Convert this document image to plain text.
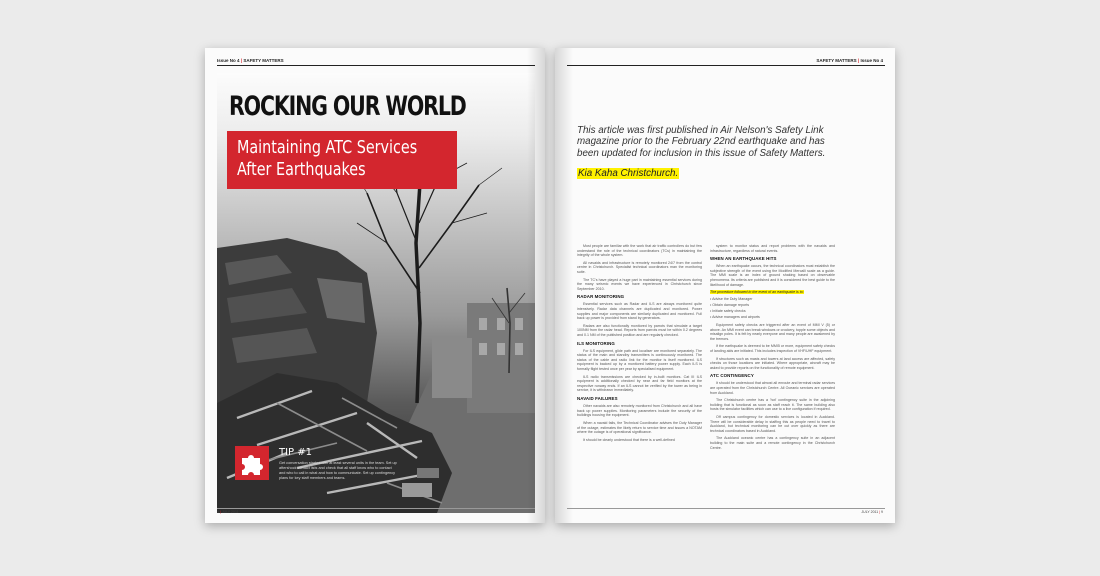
Issue No 4 | SAFETY MATTERS
ROCKING OUR WORLD
Maintaining ATC Services
After Earthquakes
TIP #1
Get conversation started with at least several units in the team. Set up aftershock contact lists and check that all staff know who to contact and who to call in what and how to communicate. Set up contingency plans for key staff members and teams.
8 | JULY 2011
SAFETY MATTERS | Issue No 4
This article was first published in Air Nelson's Safety Link magazine prior to the February 22nd earthquake and has been updated for inclusion in this issue of Safety Matters.
Kia Kaha Christchurch.

Most people are familiar with the work that air traffic controllers do but few understand the role of the technical coordinators (TCs) in maintaining the integrity of the whole system.

All navaids and infrastructure is remotely monitored 24/7 from the control centre in Christchurch. Specialist technical coordinators man the monitoring suite.

The TC's have played a huge part in maintaining essential services during the many seismic events we have experienced in Christchurch since September 2010.

RADAR MONITORING

Essential services such as Radar and ILS are always monitored quite intensively. Radar data channels are duplicated and monitored. Power supplies and major components are similarly duplicated and monitored. Full back up power is provided from stand by generators.

Radars are also functionally monitored by parrots that simulate a target 100NM from the radar head. Reports from parrots must be within 0.2 degrees and 0.1 NM of the published position and are regularly checked.

ILS MONITORING

For ILS equipment, glide path and localiser are monitored separately. The status of the main and standby transmitters is continuously monitored. The status of the cable and radio link for the monitor is itself monitored. ILS equipment is backed up by a monitored battery power supply. Each ILS is formally flight tested once per year by specialised equipment.

ILS radio transmissions are checked by in-built monitors. Cat III ILS equipment is additionally checked by near and far field monitors at the respective runway ends. If an ILS cannot be verified by the tower as being in service, it is withdrawn immediately.

NAVAID FAILURES

Other navaids are also remotely monitored from Christchurch and all have back up power supplies. Monitoring parameters include the security of the buildings housing the equipment.

When a navaid fails, the Technical Coordinator advises the Duty Manager of the outage, estimates the likely return to service time and issues a NOTAM where the outage is of operational significance.

It should be clearly understood that there is a well-defined

system to monitor status and report problems with the navaids and infrastructure, regardless of natural events.

WHEN AN EARTHQUAKE HITS

When an earthquake occurs, the technical coordinators must establish the subjective strength of the event using the Modified Mercalli scale as a guide. The MMI scale is an index of ground shaking based on observable phenomena. Its criteria are published and it is considered the best guide to the likelihood of damage.

The procedure followed in the event of an earthquake is to:
• Advise the Duty Manager
• Obtain damage reports
• Initiate safety checks
• Advise managers and airports

Equipment safety checks are triggered after an event of MMI V (5) or above. An MMI event can break windows or crockery, topple some objects and misalign poles. It is felt by nearly everyone and many people are awakened by the tremors.

If the earthquake is deemed to be MMI5 or more, equipment safety checks of landing aids are initiated. This includes inspection of VHF/UHF equipment.

If structures such as masts and towers at land access are affected, safety checks on those locations are initiated. Where appropriate, aircraft may be asked to provide reports on the functionality of remote equipment.

ATC CONTINGENCY

It should be understood that almost all enroute and terminal radar services are operated from the Christchurch Centre. All Oceanic services are operated from Auckland.

The Christchurch centre has a 'hot' contingency suite in the adjoining building that is functional as soon as staff reach it. The same building also hosts the simulator facilities which can use to a live configuration if required.

Off campus contingency for domestic services is located in Auckland. There will be considerable delay in staffing this as people need to travel to Auckland, but technical monitoring can be cut over quickly as there are technical coordinators based in Auckland.

The Auckland oceanic centre has a contingency suite in an adjacent building to the main suite and a remote contingency in the Christchurch Centre.

JULY 2011 | 9
